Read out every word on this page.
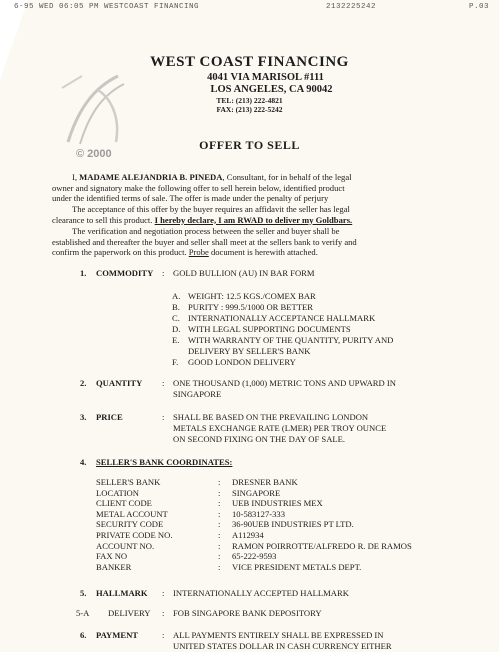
6-95 WED 06:05 PM WESTCOAST FINANCING	2132225242	P.03
© 2000
WEST COAST FINANCING
4041 VIA MARISOL #111
LOS ANGELES, CA 90042
TEL: (213) 222-4821
FAX: (213) 222-5242
OFFER TO SELL
I, MADAME ALEJANDRIA B. PINEDA, Consultant, for in behalf of the legal
owner and signatory make the following offer to sell herein below, identified product
under the identified terms of sale. The offer is made under the penalty of perjury
The acceptance of this offer by the buyer requires an affidavit the seller has legal
clearance to sell this product. I hereby declare, I am RWAD to deliver my Goldbars.
The verification and negotiation process between the seller and buyer shall be
established and thereafter the buyer and seller shall meet at the sellers bank to verify and
confirm the paperwork on this product. Probe document is herewith attached.
1. COMMODITY : GOLD BULLION (AU) IN BAR FORM
A. WEIGHT: 12.5 KGS./COMEX BAR
B. PURITY : 999.5/1000 OR BETTER
C. INTERNATIONALLY ACCEPTANCE HALLMARK
D. WITH LEGAL SUPPORTING DOCUMENTS
E. WITH WARRANTY OF THE QUANTITY, PURITY AND
DELIVERY BY SELLER'S BANK
F. GOOD LONDON DELIVERY
2. QUANTITY : ONE THOUSAND (1,000) METRIC TONS AND UPWARD IN
SINGAPORE
3. PRICE	: SHALL BE BASED ON THE PREVAILING LONDON
METALS EXCHANGE RATE (LMER) PER TROY OUNCE
ON SECOND FIXING ON THE DAY OF SALE.
4. SELLER'S BANK COORDINATES:
SELLER'S BANK	: DRESNER BANK
LOCATION	: SINGAPORE
CLIENT CODE	: UEB INDUSTRIES MEX
METAL ACCOUNT	: 10-583127-333
SECURITY CODE	: 36-90UEB INDUSTRIES PT LTD.
PRIVATE CODE NO.	: A112934
ACCOUNT NO.	: RAMON POIRROTTE/ALFREDO R. DE RAMOS
FAX NO	: 65-222-9593
BANKER	: VICE PRESIDENT METALS DEPT.
5. HALLMARK : INTERNATIONALLY ACCEPTED HALLMARK
5-A DELIVERY : FOB SINGAPORE BANK DEPOSITORY
6. PAYMENT	: ALL PAYMENTS ENTIRELY SHALL BE EXPRESSED IN
UNITED STATES DOLLAR IN CASH CURRENCY EITHER
